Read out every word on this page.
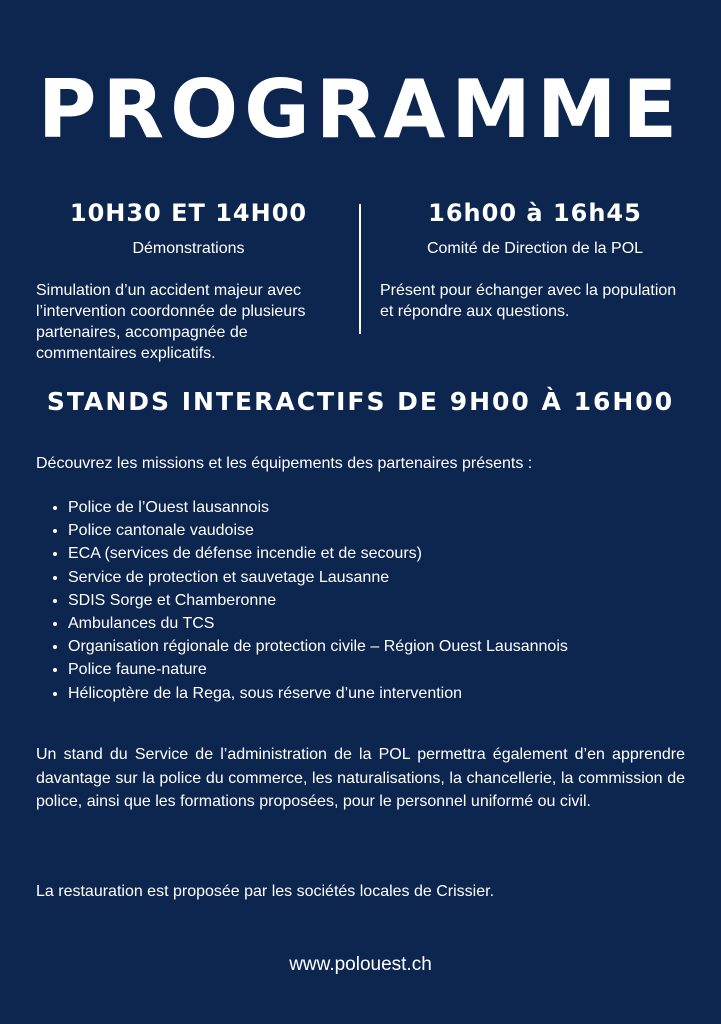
PROGRAMME
10H30 ET 14H00
Démonstrations
Simulation d’un accident majeur avec l’intervention coordonnée de plusieurs partenaires, accompagnée de commentaires explicatifs.
16h00 à 16h45
Comité de Direction de la POL
Présent pour échanger avec la population et répondre aux questions.
STANDS INTERACTIFS DE 9H00 À 16H00
Découvrez les missions et les équipements des partenaires présents :
• Police de l’Ouest lausannois
• Police cantonale vaudoise
• ECA (services de défense incendie et de secours)
• Service de protection et sauvetage Lausanne
• SDIS Sorge et Chamberonne
• Ambulances du TCS
• Organisation régionale de protection civile – Région Ouest Lausannois
• Police faune-nature
• Hélicoptère de la Rega, sous réserve d’une intervention
Un stand du Service de l’administration de la POL permettra également d’en apprendre davantage sur la police du commerce, les naturalisations, la chancellerie, la commission de police, ainsi que les formations proposées, pour le personnel uniformé ou civil.
La restauration est proposée par les sociétés locales de Crissier.
www.polouest.ch
